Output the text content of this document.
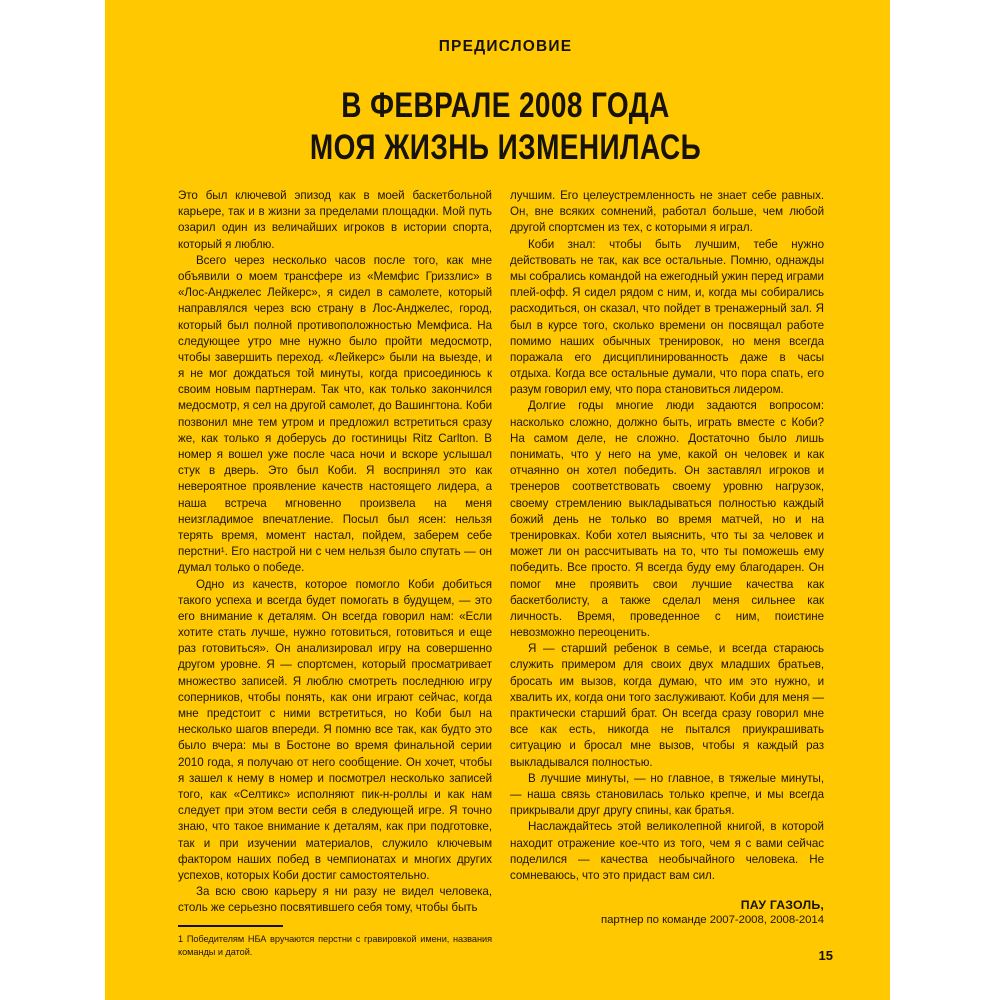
ПРЕДИСЛОВИЕ
В ФЕВРАЛЕ 2008 ГОДА
МОЯ ЖИЗНЬ ИЗМЕНИЛАСЬ

Это был ключевой эпизод как в моей баскетбольной карьере, так и в жизни за пределами площадки. Мой путь озарил один из величайших игроков в истории спорта, который я люблю.

Всего через несколько часов после того, как мне объявили о моем трансфере из «Мемфис Гриззлис» в «Лос-Анджелес Лейкерс», я сидел в самолете, который направлялся через всю страну в Лос-Анджелес, город, который был полной противоположностью Мемфиса. На следующее утро мне нужно было пройти медосмотр, чтобы завершить переход. «Лейкерс» были на выезде, и я не мог дождаться той минуты, когда присоединюсь к своим новым партнерам. Так что, как только закончился медосмотр, я сел на другой самолет, до Вашингтона. Коби позвонил мне тем утром и предложил встретиться сразу же, как только я доберусь до гостиницы Ritz Carlton. В номер я вошел уже после часа ночи и вскоре услышал стук в дверь. Это был Коби. Я воспринял это как невероятное проявление качеств настоящего лидера, а наша встреча мгновенно произвела на меня неизгладимое впечатление. Посыл был ясен: нельзя терять время, момент настал, пойдем, заберем себе перстни¹. Его настрой ни с чем нельзя было спутать — он думал только о победе.

Одно из качеств, которое помогло Коби добиться такого успеха и всегда будет помогать в будущем, — это его внимание к деталям. Он всегда говорил нам: «Если хотите стать лучше, нужно готовиться, готовиться и еще раз готовиться». Он анализировал игру на совершенно другом уровне. Я — спортсмен, который просматривает множество записей. Я люблю смотреть последнюю игру соперников, чтобы понять, как они играют сейчас, когда мне предстоит с ними встретиться, но Коби был на несколько шагов впереди. Я помню все так, как будто это было вчера: мы в Бостоне во время финальной серии 2010 года, я получаю от него сообщение. Он хочет, чтобы я зашел к нему в номер и посмотрел несколько записей того, как «Селтикс» исполняют пик-н-роллы и как нам следует при этом вести себя в следующей игре. Я точно знаю, что такое внимание к деталям, как при подготовке, так и при изучении материалов, служило ключевым фактором наших побед в чемпионатах и многих других успехов, которых Коби достиг самостоятельно.

За всю свою карьеру я ни разу не видел человека, столь же серьезно посвятившего себя тому, чтобы быть

1 Победителям НБА вручаются перстни с гравировкой имени, названия команды и датой.

лучшим. Его целеустремленность не знает себе равных. Он, вне всяких сомнений, работал больше, чем любой другой спортсмен из тех, с которыми я играл.

Коби знал: чтобы быть лучшим, тебе нужно действовать не так, как все остальные. Помню, однажды мы собрались командой на ежегодный ужин перед играми плей-офф. Я сидел рядом с ним, и, когда мы собирались расходиться, он сказал, что пойдет в тренажерный зал. Я был в курсе того, сколько времени он посвящал работе помимо наших обычных тренировок, но меня всегда поражала его дисциплинированность даже в часы отдыха. Когда все остальные думали, что пора спать, его разум говорил ему, что пора становиться лидером.

Долгие годы многие люди задаются вопросом: насколько сложно, должно быть, играть вместе с Коби? На самом деле, не сложно. Достаточно было лишь понимать, что у него на уме, какой он человек и как отчаянно он хотел победить. Он заставлял игроков и тренеров соответствовать своему уровню нагрузок, своему стремлению выкладываться полностью каждый божий день не только во время матчей, но и на тренировках. Коби хотел выяснить, что ты за человек и может ли он рассчитывать на то, что ты поможешь ему победить. Все просто. Я всегда буду ему благодарен. Он помог мне проявить свои лучшие качества как баскетболисту, а также сделал меня сильнее как личность. Время, проведенное с ним, поистине невозможно переоценить.

Я — старший ребенок в семье, и всегда стараюсь служить примером для своих двух младших братьев, бросать им вызов, когда думаю, что им это нужно, и хвалить их, когда они того заслуживают. Коби для меня — практически старший брат. Он всегда сразу говорил мне все как есть, никогда не пытался приукрашивать ситуацию и бросал мне вызов, чтобы я каждый раз выкладывался полностью.

В лучшие минуты, — но главное, в тяжелые минуты, — наша связь становилась только крепче, и мы всегда прикрывали друг другу спины, как братья.

Наслаждайтесь этой великолепной книгой, в которой находит отражение кое-что из того, чем я с вами сейчас поделился — качества необычайного человека. Не сомневаюсь, что это придаст вам сил.

ПАУ ГАЗОЛЬ,
партнер по команде 2007-2008, 2008-2014
15
